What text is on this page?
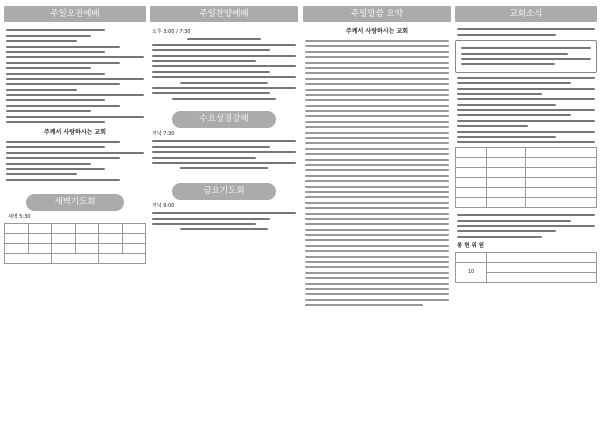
주일오전예배
주께서 사랑하시는 교회
새벽기도회
새벽 5:30

주일찬양예배
오후 3:00 / 7:30
수요성경강해
저녁 7:30
금요기도회
저녁 9:00
주일말씀 요약
주께서 사랑하시는 교회
교회소식

봉 헌 위 원

10	
